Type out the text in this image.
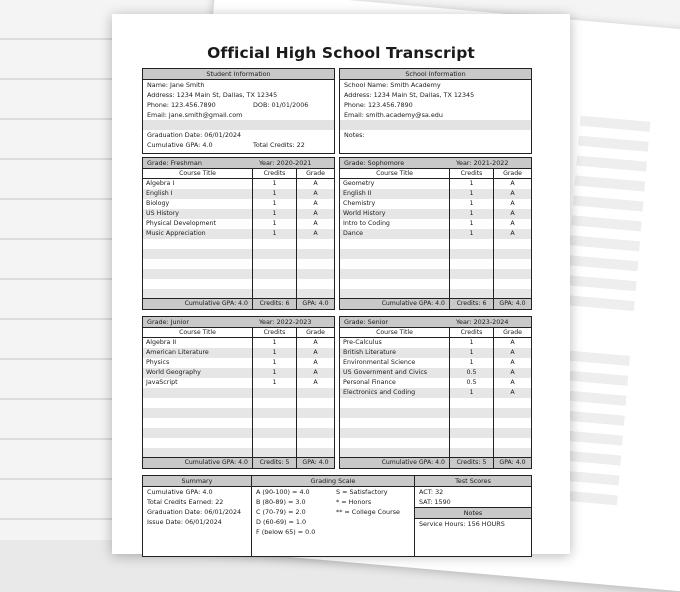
Official High School Transcript
Student Information
Name: Jane Smith
Address: 1234 Main St, Dallas, TX 12345
Phone: 123.456.7890	DOB: 01/01/2006
Email: jane.smith@gmail.com
Graduation Date: 06/01/2024
Cumulative GPA: 4.0	Total Credits: 22
School Information
School Name: Smith Academy
Address: 1234 Main St, Dallas, TX 12345
Phone: 123.456.7890
Email: smith.academy@sa.edu
Notes:
Grade: Freshman	Year: 2020-2021
Course Title	Credits	Grade
Algebra I	1	A
English I	1	A
Biology	1	A
US History	1	A
Physical Development	1	A
Music Appreciation	1	A
Cumulative GPA: 4.0	Credits: 6	GPA: 4.0
Grade: Sophomore	Year: 2021-2022
Course Title	Credits	Grade
Geometry	1	A
English II	1	A
Chemistry	1	A
World History	1	A
Intro to Coding	1	A
Dance	1	A
Cumulative GPA: 4.0	Credits: 6	GPA: 4.0
Grade: Junior	Year: 2022-2023
Course Title	Credits	Grade
Algebra II	1	A
American Literature	1	A
Physics	1	A
World Geography	1	A
JavaScript	1	A
Cumulative GPA: 4.0	Credits: 5	GPA: 4.0
Grade: Senior	Year: 2023-2024
Course Title	Credits	Grade
Pre-Calculus	1	A
British Literature	1	A
Environmental Science	1	A
US Government and Civics	0.5	A
Personal Finance	0.5	A
Electronics and Coding	1	A
Cumulative GPA: 4.0	Credits: 5	GPA: 4.0
Summary
Cumulative GPA: 4.0
Total Credits Earned: 22
Graduation Date: 06/01/2024
Issue Date: 06/01/2024
Grading Scale
A (90-100) = 4.0
B (80-89) = 3.0
C (70-79) = 2.0
D (60-69) = 1.0
F (below 65) = 0.0
S = Satisfactory
* = Honors
** = College Course
Test Scores
ACT: 32
SAT: 1590
Notes
Service Hours: 156 HOURS
